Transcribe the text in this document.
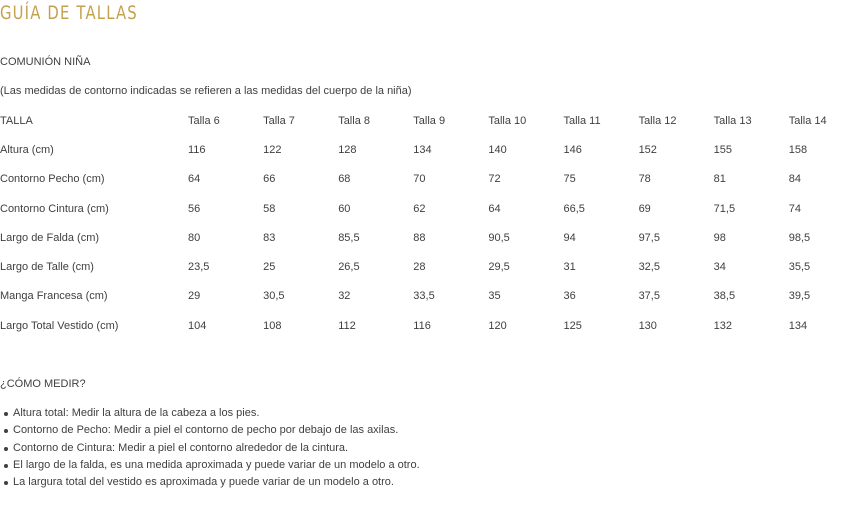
GUÍA DE TALLAS

COMUNIÓN NIÑA

(Las medidas de contorno indicadas se refieren a las medidas del cuerpo de la niña)

TALLA	Talla 6	Talla 7	Talla 8	Talla 9	Talla 10	Talla 11	Talla 12	Talla 13	Talla 14
Altura (cm)	116	122	128	134	140	146	152	155	158
Contorno Pecho (cm)	64	66	68	70	72	75	78	81	84
Contorno Cintura (cm)	56	58	60	62	64	66,5	69	71,5	74
Largo de Falda (cm)	80	83	85,5	88	90,5	94	97,5	98	98,5
Largo de Talle (cm)	23,5	25	26,5	28	29,5	31	32,5	34	35,5
Manga Francesa (cm)	29	30,5	32	33,5	35	36	37,5	38,5	39,5
Largo Total Vestido (cm)	104	108	112	116	120	125	130	132	134

¿CÓMO MEDIR?

Altura total: Medir la altura de la cabeza a los pies.
Contorno de Pecho: Medir a piel el contorno de pecho por debajo de las axilas.
Contorno de Cintura: Medir a piel el contorno alrededor de la cintura.
El largo de la falda, es una medida aproximada y puede variar de un modelo a otro.
La largura total del vestido es aproximada y puede variar de un modelo a otro.
